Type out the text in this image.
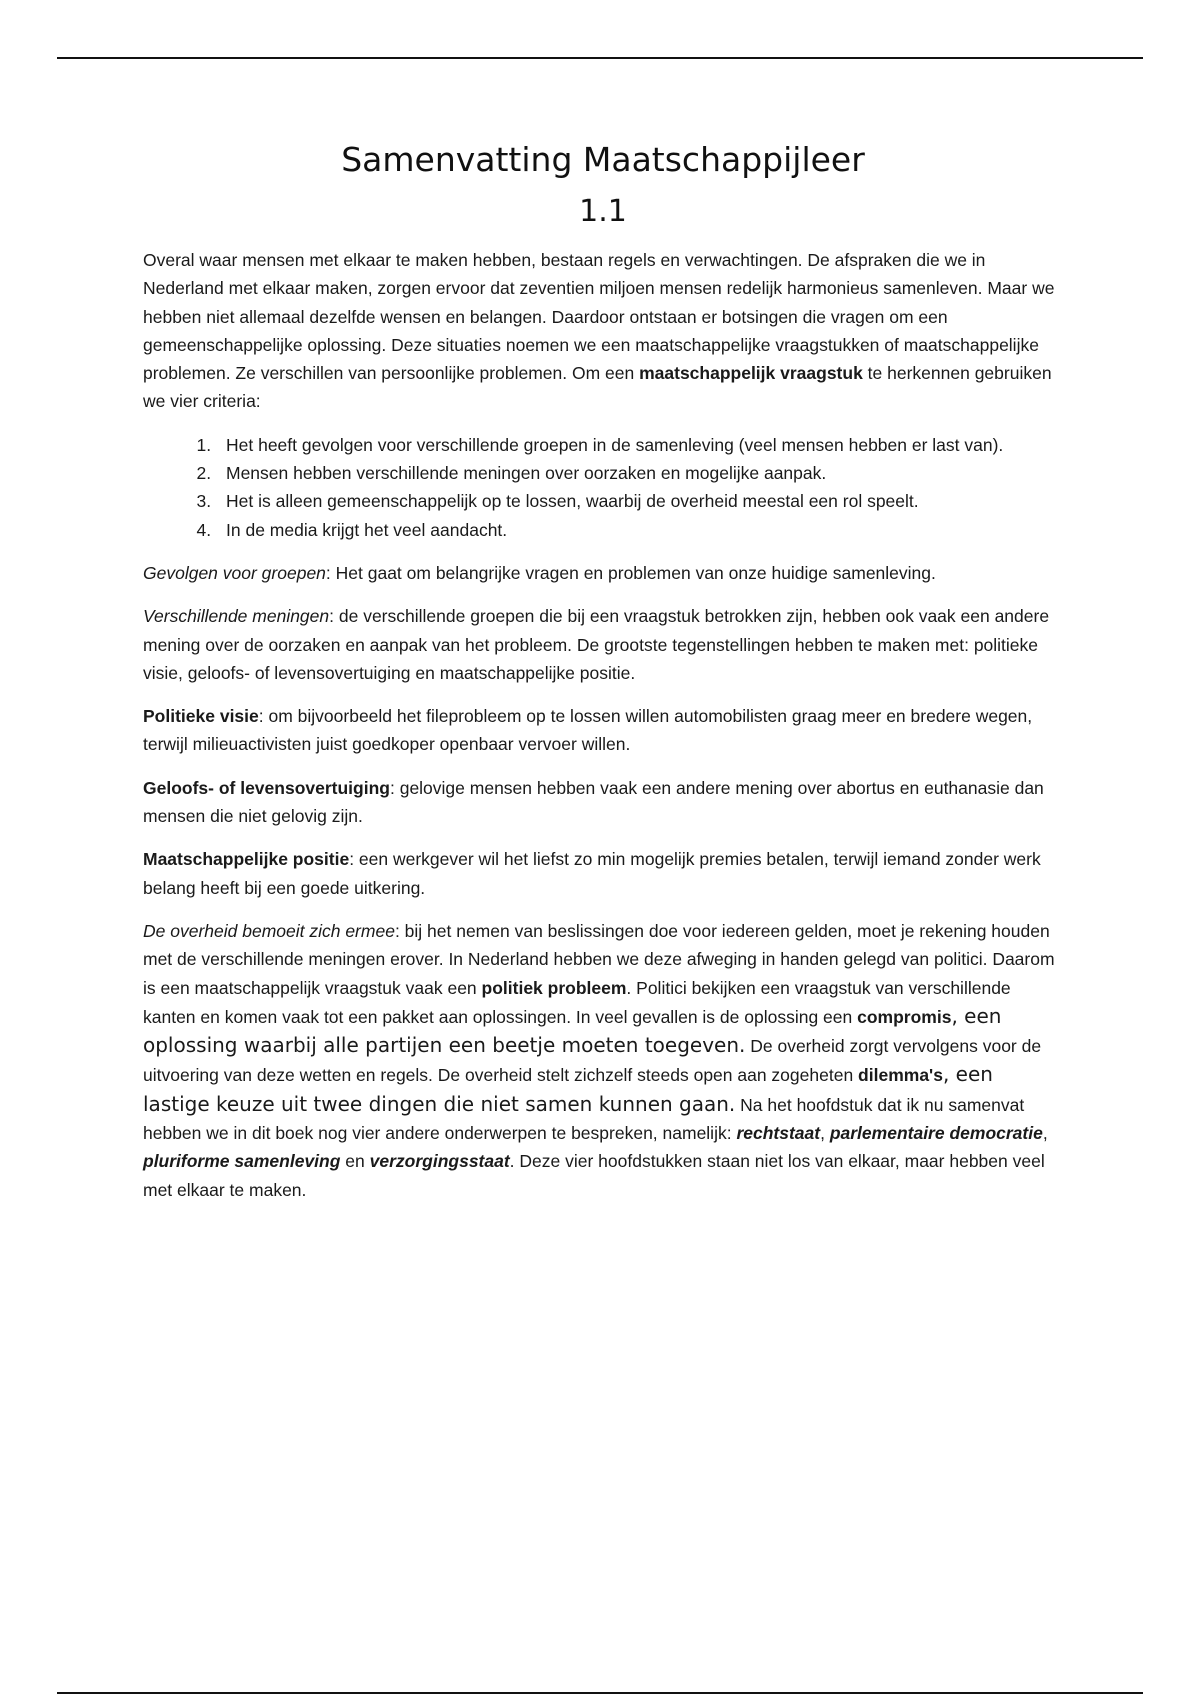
Samenvatting Maatschappijleer
1.1

Overal waar mensen met elkaar te maken hebben, bestaan regels en verwachtingen. De afspraken die we in Nederland met elkaar maken, zorgen ervoor dat zeventien miljoen mensen redelijk harmonieus samenleven. Maar we hebben niet allemaal dezelfde wensen en belangen. Daardoor ontstaan er botsingen die vragen om een gemeenschappelijke oplossing. Deze situaties noemen we een maatschappelijke vraagstukken of maatschappelijke problemen. Ze verschillen van persoonlijke problemen. Om een maatschappelijk vraagstuk te herkennen gebruiken we vier criteria:

1. Het heeft gevolgen voor verschillende groepen in de samenleving (veel mensen hebben er last van).
2. Mensen hebben verschillende meningen over oorzaken en mogelijke aanpak.
3. Het is alleen gemeenschappelijk op te lossen, waarbij de overheid meestal een rol speelt.
4. In de media krijgt het veel aandacht.

Gevolgen voor groepen: Het gaat om belangrijke vragen en problemen van onze huidige samenleving.

Verschillende meningen: de verschillende groepen die bij een vraagstuk betrokken zijn, hebben ook vaak een andere mening over de oorzaken en aanpak van het probleem. De grootste tegenstellingen hebben te maken met: politieke visie, geloofs- of levensovertuiging en maatschappelijke positie.

Politieke visie: om bijvoorbeeld het fileprobleem op te lossen willen automobilisten graag meer en bredere wegen, terwijl milieuactivisten juist goedkoper openbaar vervoer willen.

Geloofs- of levensovertuiging: gelovige mensen hebben vaak een andere mening over abortus en euthanasie dan mensen die niet gelovig zijn.

Maatschappelijke positie: een werkgever wil het liefst zo min mogelijk premies betalen, terwijl iemand zonder werk belang heeft bij een goede uitkering.

De overheid bemoeit zich ermee: bij het nemen van beslissingen doe voor iedereen gelden, moet je rekening houden met de verschillende meningen erover. In Nederland hebben we deze afweging in handen gelegd van politici. Daarom is een maatschappelijk vraagstuk vaak een politiek probleem. Politici bekijken een vraagstuk van verschillende kanten en komen vaak tot een pakket aan oplossingen. In veel gevallen is de oplossing een compromis, een oplossing waarbij alle partijen een beetje moeten toegeven. De overheid zorgt vervolgens voor de uitvoering van deze wetten en regels. De overheid stelt zichzelf steeds open aan zogeheten dilemma's, een lastige keuze uit twee dingen die niet samen kunnen gaan. Na het hoofdstuk dat ik nu samenvat hebben we in dit boek nog vier andere onderwerpen te bespreken, namelijk: rechtstaat, parlementaire democratie, pluriforme samenleving en verzorgingsstaat. Deze vier hoofdstukken staan niet los van elkaar, maar hebben veel met elkaar te maken.
